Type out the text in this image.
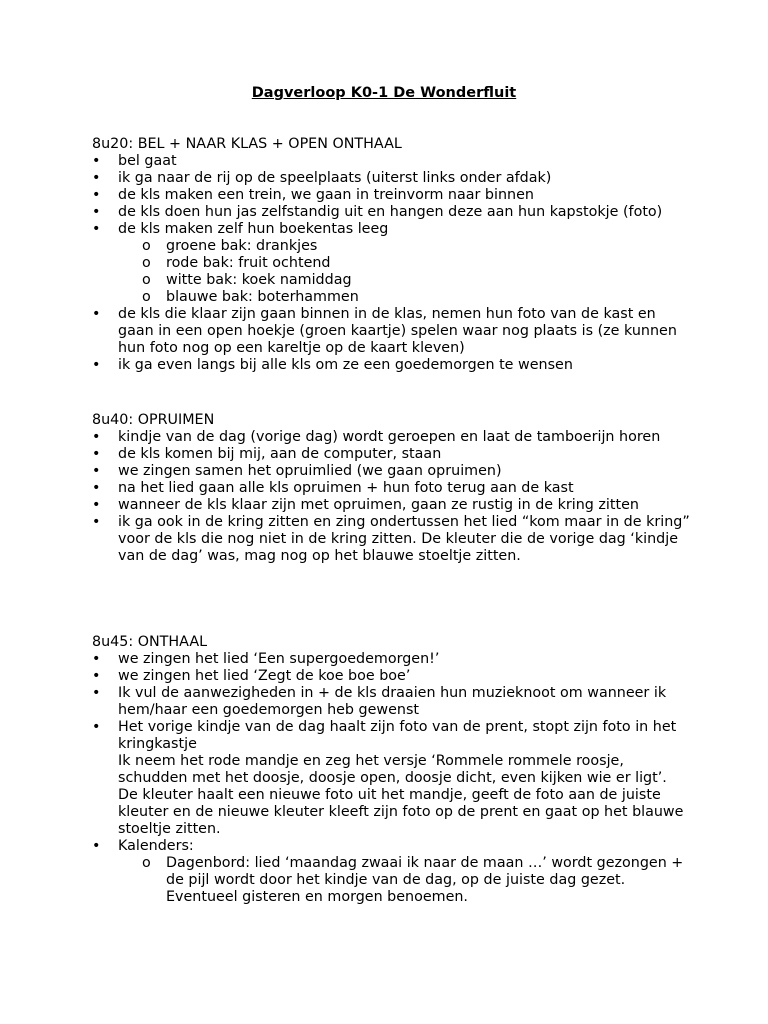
Dagverloop K0-1 De Wonderfluit
8u20: BEL + NAAR KLAS + OPEN ONTHAAL
• bel gaat
• ik ga naar de rij op de speelplaats (uiterst links onder afdak)
• de kls maken een trein, we gaan in treinvorm naar binnen
• de kls doen hun jas zelfstandig uit en hangen deze aan hun kapstokje (foto)
• de kls maken zelf hun boekentas leeg
o groene bak: drankjes
o rode bak: fruit ochtend
o witte bak: koek namiddag
o blauwe bak: boterhammen
• de kls die klaar zijn gaan binnen in de klas, nemen hun foto van de kast en gaan in een open hoekje (groen kaartje) spelen waar nog plaats is (ze kunnen hun foto nog op een kareltje op de kaart kleven)
• ik ga even langs bij alle kls om ze een goedemorgen te wensen
8u40: OPRUIMEN
• kindje van de dag (vorige dag) wordt geroepen en laat de tamboerijn horen
• de kls komen bij mij, aan de computer, staan
• we zingen samen het opruimlied (we gaan opruimen)
• na het lied gaan alle kls opruimen + hun foto terug aan de kast
• wanneer de kls klaar zijn met opruimen, gaan ze rustig in de kring zitten
• ik ga ook in de kring zitten en zing ondertussen het lied “kom maar in de kring” voor de kls die nog niet in de kring zitten. De kleuter die de vorige dag ‘kindje van de dag’ was, mag nog op het blauwe stoeltje zitten.
8u45: ONTHAAL
• we zingen het lied ‘Een supergoedemorgen!’
• we zingen het lied ‘Zegt de koe boe boe’
• Ik vul de aanwezigheden in + de kls draaien hun muzieknoot om wanneer ik hem/haar een goedemorgen heb gewenst
• Het vorige kindje van de dag haalt zijn foto van de prent, stopt zijn foto in het kringkastje
Ik neem het rode mandje en zeg het versje ‘Rommele rommele roosje, schudden met het doosje, doosje open, doosje dicht, even kijken wie er ligt’. De kleuter haalt een nieuwe foto uit het mandje, geeft de foto aan de juiste kleuter en de nieuwe kleuter kleeft zijn foto op de prent en gaat op het blauwe stoeltje zitten.
• Kalenders:
o Dagenbord: lied ‘maandag zwaai ik naar de maan …’ wordt gezongen + de pijl wordt door het kindje van de dag, op de juiste dag gezet. Eventueel gisteren en morgen benoemen.
